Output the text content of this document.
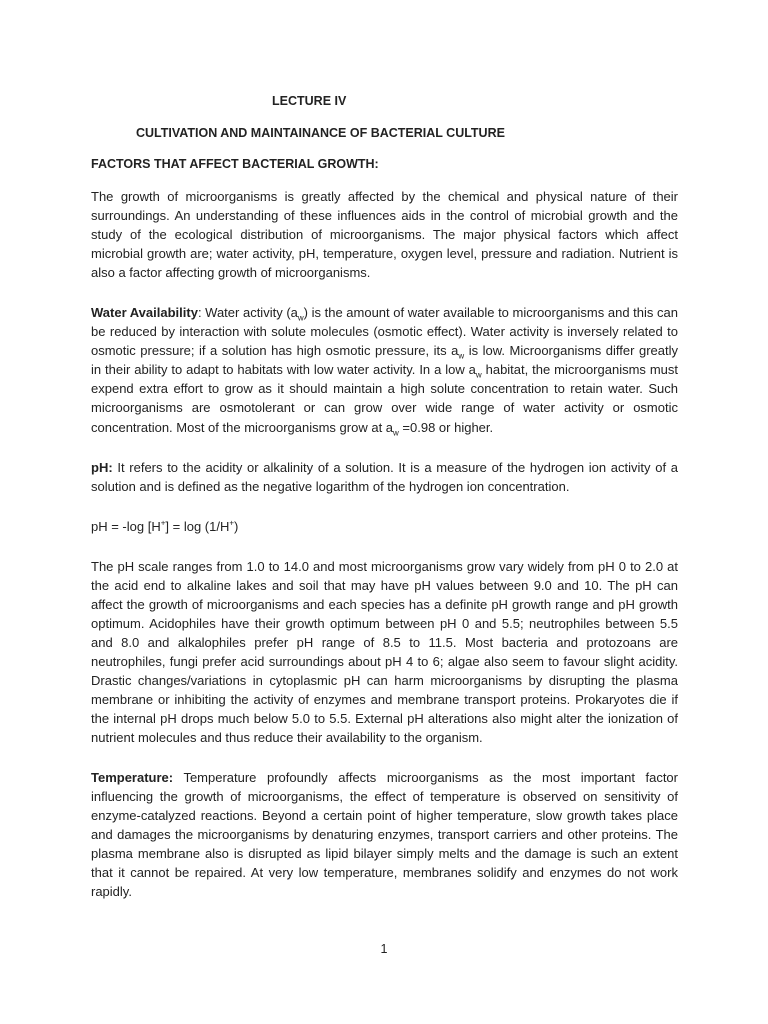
LECTURE IV
CULTIVATION AND MAINTAINANCE OF BACTERIAL CULTURE
FACTORS THAT AFFECT BACTERIAL GROWTH:

The growth of microorganisms is greatly affected by the chemical and physical nature of their surroundings. An understanding of these influences aids in the control of microbial growth and the study of the ecological distribution of microorganisms. The major physical factors which affect microbial growth are; water activity, pH, temperature, oxygen level, pressure and radiation. Nutrient is also a factor affecting growth of microorganisms.

Water Availability: Water activity $(a_w)$ is the amount of water available to microorganisms and this can be reduced by interaction with solute molecules (osmotic effect). Water activity is inversely related to osmotic pressure; if a solution has high osmotic pressure, its $a_w$ is low. Microorganisms differ greatly in their ability to adapt to habitats with low water activity. In a low $a_w$ habitat, the microorganisms must expend extra effort to grow as it should maintain a high solute concentration to retain water. Such microorganisms are osmotolerant or can grow over wide range of water activity or osmotic concentration. Most of the microorganisms grow at $a_w =0.98$ or higher.

pH: It refers to the acidity or alkalinity of a solution. It is a measure of the hydrogen ion activity of a solution and is defined as the negative logarithm of the hydrogen ion concentration.

pH = -log [H+] = log (1/H+)

The pH scale ranges from 1.0 to 14.0 and most microorganisms grow vary widely from pH 0 to 2.0 at the acid end to alkaline lakes and soil that may have pH values between 9.0 and 10. The pH can affect the growth of microorganisms and each species has a definite pH growth range and pH growth optimum. Acidophiles have their growth optimum between pH 0 and 5.5; neutrophiles between 5.5 and 8.0 and alkalophiles prefer pH range of 8.5 to 11.5. Most bacteria and protozoans are neutrophiles, fungi prefer acid surroundings about pH 4 to 6; algae also seem to favour slight acidity. Drastic changes/variations in cytoplasmic pH can harm microorganisms by disrupting the plasma membrane or inhibiting the activity of enzymes and membrane transport proteins. Prokaryotes die if the internal pH drops much below 5.0 to 5.5. External pH alterations also might alter the ionization of nutrient molecules and thus reduce their availability to the organism.

Temperature: Temperature profoundly affects microorganisms as the most important factor influencing the growth of microorganisms, the effect of temperature is observed on sensitivity of enzyme-catalyzed reactions. Beyond a certain point of higher temperature, slow growth takes place and damages the microorganisms by denaturing enzymes, transport carriers and other proteins. The plasma membrane also is disrupted as lipid bilayer simply melts and the damage is such an extent that it cannot be repaired. At very low temperature, membranes solidify and enzymes do not work rapidly.

1
